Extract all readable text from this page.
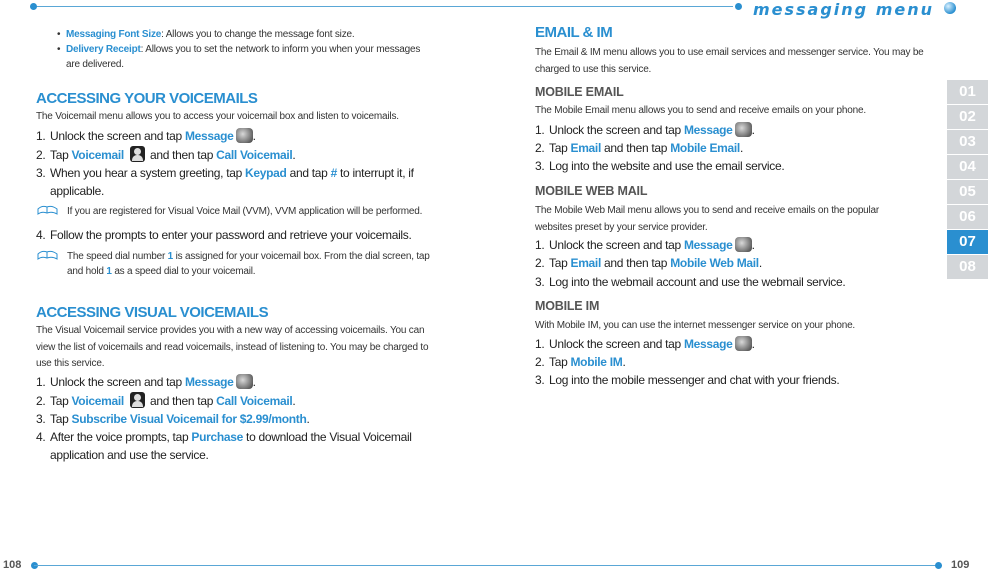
messaging menu
108	109
01
02
03
04
05
06
07
08
• Messaging Font Size: Allows you to change the message font size.
• Delivery Receipt: Allows you to set the network to inform you when your messages are delivered.
ACCESSING YOUR VOICEMAILS
The Voicemail menu allows you to access your voicemail box and listen to voicemails.
1. Unlock the screen and tap Message .
2. Tap Voicemail and then tap Call Voicemail.
3. When you hear a system greeting, tap Keypad and tap # to interrupt it, if applicable.
If you are registered for Visual Voice Mail (VVM), VVM application will be performed.
4. Follow the prompts to enter your password and retrieve your voicemails.
The speed dial number 1 is assigned for your voicemail box. From the dial screen, tap and hold 1 as a speed dial to your voicemail.
ACCESSING VISUAL VOICEMAILS
The Visual Voicemail service provides you with a new way of accessing voicemails. You can view the list of voicemails and read voicemails, instead of listening to. You may be charged to use this service.
1. Unlock the screen and tap Message .
2. Tap Voicemail and then tap Call Voicemail.
3. Tap Subscribe Visual Voicemail for $2.99/month.
4. After the voice prompts, tap Purchase to download the Visual Voicemail application and use the service.
EMAIL & IM
The Email & IM menu allows you to use email services and messenger service. You may be charged to use this service.
MOBILE EMAIL
The Mobile Email menu allows you to send and receive emails on your phone.
1. Unlock the screen and tap Message .
2. Tap Email and then tap Mobile Email.
3. Log into the website and use the email service.
MOBILE WEB MAIL
The Mobile Web Mail menu allows you to send and receive emails on the popular websites preset by your service provider.
1. Unlock the screen and tap Message .
2. Tap Email and then tap Mobile Web Mail.
3. Log into the webmail account and use the webmail service.
MOBILE IM
With Mobile IM, you can use the internet messenger service on your phone.
1. Unlock the screen and tap Message .
2. Tap Mobile IM.
3. Log into the mobile messenger and chat with your friends.
